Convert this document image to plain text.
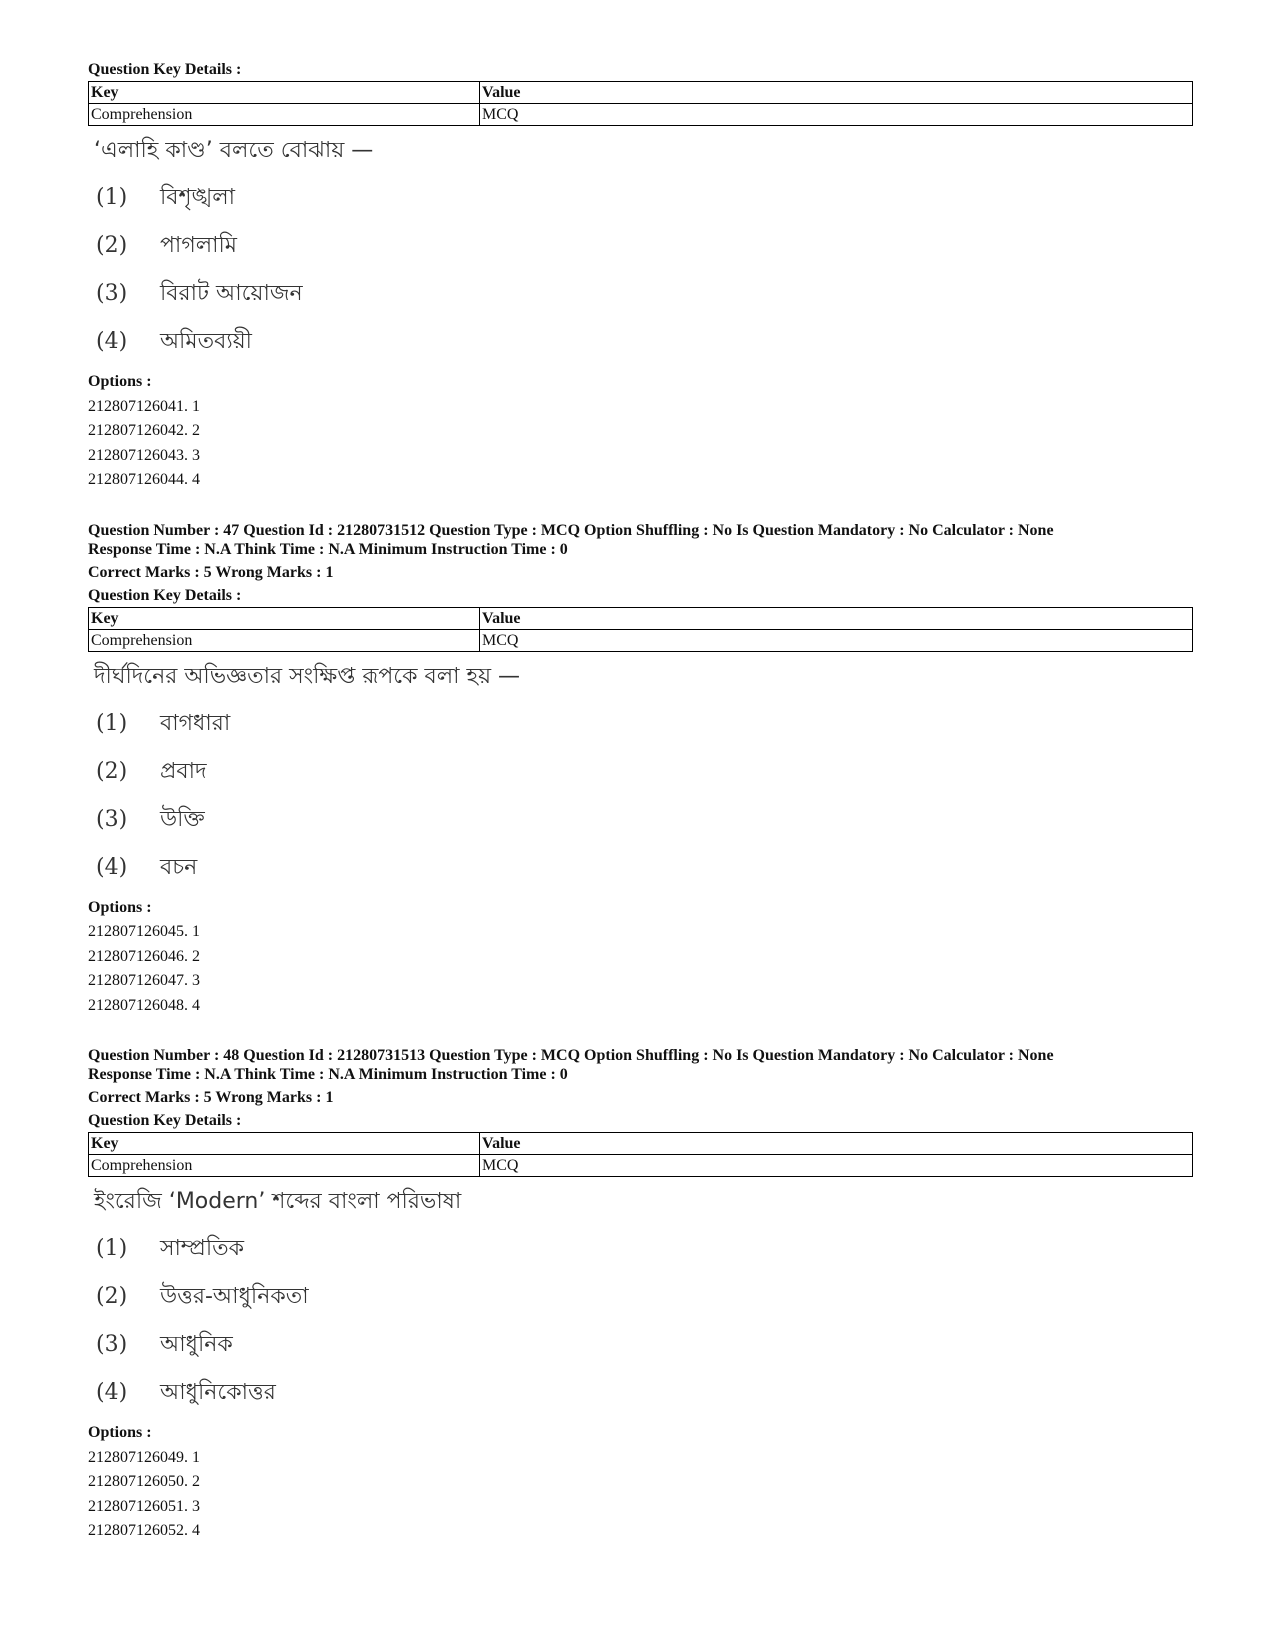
Question Key Details :

Key	Value
Comprehension	MCQ
‘এলাহি কাণ্ড’ বলতে বোঝায় —
(1) বিশৃঙ্খলা
(2) পাগলামি
(3) বিরাট আয়োজন
(4) অমিতব্যয়ী

Options :

212807126041. 1

212807126042. 2

212807126043. 3

212807126044. 4

Question Number : 47 Question Id : 21280731512 Question Type : MCQ Option Shuffling : No Is Question Mandatory : No Calculator : None

Response Time : N.A Think Time : N.A Minimum Instruction Time : 0

Correct Marks : 5 Wrong Marks : 1

Question Key Details :

Key	Value
Comprehension	MCQ
দীর্ঘদিনের অভিজ্ঞতার সংক্ষিপ্ত রূপকে বলা হয় —
(1) বাগধারা
(2) প্রবাদ
(3) উক্তি
(4) বচন

Options :

212807126045. 1

212807126046. 2

212807126047. 3

212807126048. 4

Question Number : 48 Question Id : 21280731513 Question Type : MCQ Option Shuffling : No Is Question Mandatory : No Calculator : None

Response Time : N.A Think Time : N.A Minimum Instruction Time : 0

Correct Marks : 5 Wrong Marks : 1

Question Key Details :

Key	Value
Comprehension	MCQ
ইংরেজি ‘Modern’ শব্দের বাংলা পরিভাষা
(1) সাম্প্রতিক
(2) উত্তর-আধুনিকতা
(3) আধুনিক
(4) আধুনিকোত্তর

Options :

212807126049. 1

212807126050. 2

212807126051. 3

212807126052. 4
